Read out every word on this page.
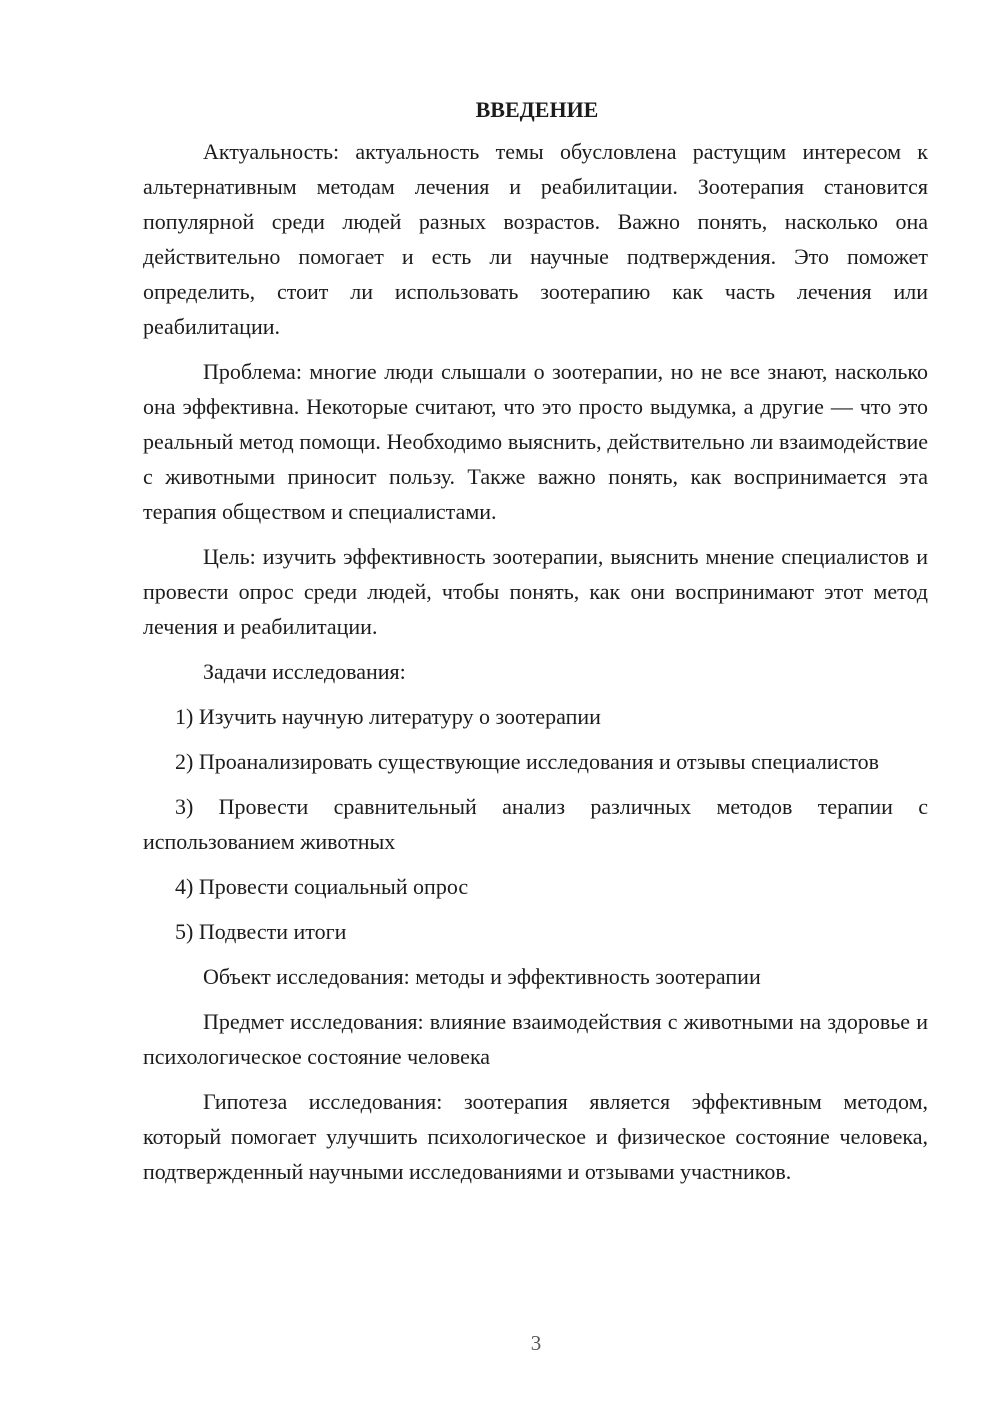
ВВЕДЕНИЕ

Актуальность: актуальность темы обусловлена растущим интересом к альтернативным методам лечения и реабилитации. Зоотерапия становится популярной среди людей разных возрастов. Важно понять, насколько она действительно помогает и есть ли научные подтверждения. Это поможет определить, стоит ли использовать зоотерапию как часть лечения или реабилитации.

Проблема: многие люди слышали о зоотерапии, но не все знают, насколько она эффективна. Некоторые считают, что это просто выдумка, а другие — что это реальный метод помощи. Необходимо выяснить, действительно ли взаимодействие с животными приносит пользу. Также важно понять, как воспринимается эта терапия обществом и специалистами.

Цель: изучить эффективность зоотерапии, выяснить мнение специалистов и провести опрос среди людей, чтобы понять, как они воспринимают этот метод лечения и реабилитации.

Задачи исследования:

1) Изучить научную литературу о зоотерапии

2) Проанализировать существующие исследования и отзывы специалистов

3) Провести сравнительный анализ различных методов терапии с использованием животных

4) Провести социальный опрос

5) Подвести итоги

Объект исследования: методы и эффективность зоотерапии

Предмет исследования: влияние взаимодействия с животными на здоровье и психологическое состояние человека

Гипотеза исследования: зоотерапия является эффективным методом, который помогает улучшить психологическое и физическое состояние человека, подтвержденный научными исследованиями и отзывами участников.

3
